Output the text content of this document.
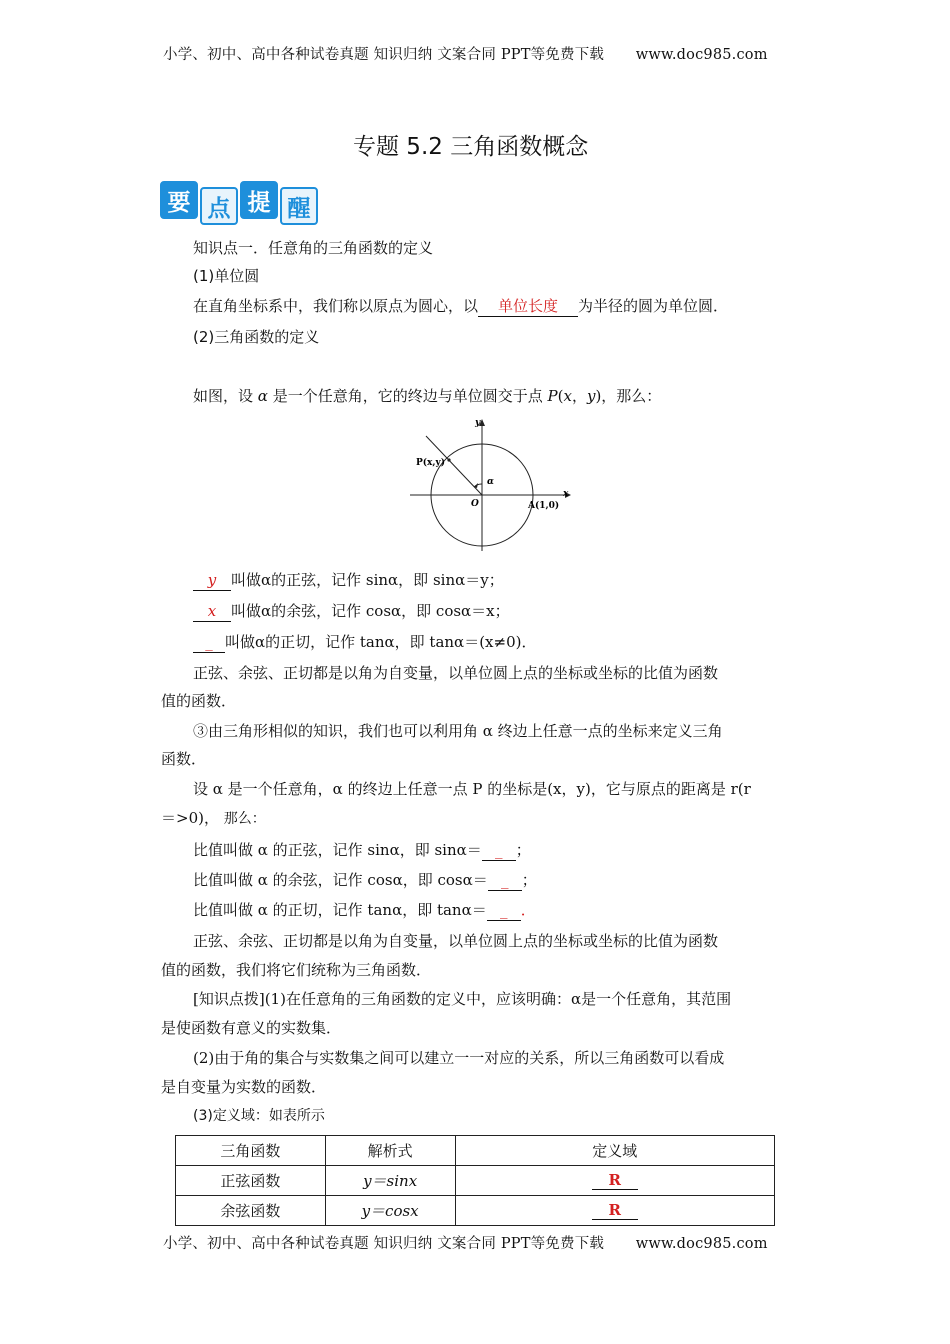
小学、初中、高中各种试卷真题 知识归纳 文案合同 PPT等免费下载 www.doc985.com
专题 5.2 三角函数概念
要 点 提 醒
知识点一．任意角的三角函数的定义
(1)单位圆
在直角坐标系中，我们称以原点为圆心，以 单位长度 为半径的圆为单位圆．
(2)三角函数的定义
如图，设 α 是一个任意角，它的终边与单位圆交于点 P(x，y)，那么：
y
x
P(x,y)
α
O	A(1,0)
y 叫做α的正弦，记作 sinα，即 sinα＝y；
x 叫做α的余弦，记作 cosα，即 cosα＝x；
_ 叫做α的正切，记作 tanα，即 tanα＝(x≠0)．
正弦、余弦、正切都是以角为自变量，以单位圆上点的坐标或坐标的比值为函数
值的函数．
③由三角形相似的知识，我们也可以利用角 α 终边上任意一点的坐标来定义三角
函数．
设 α 是一个任意角，α 的终边上任意一点 P 的坐标是(x，y)，它与原点的距离是 r(r
＝>0)， 那么：
比值叫做 α 的正弦，记作 sinα，即 sinα＝ _ ；
比值叫做 α 的余弦，记作 cosα，即 cosα＝ _ ；
比值叫做 α 的正切，记作 tanα，即 tanα＝ _ ．
正弦、余弦、正切都是以角为自变量，以单位圆上点的坐标或坐标的比值为函数
值的函数，我们将它们统称为三角函数．
[知识点拨](1)在任意角的三角函数的定义中，应该明确：α是一个任意角，其范围
是使函数有意义的实数集．
(2)由于角的集合与实数集之间可以建立一一对应的关系，所以三角函数可以看成
是自变量为实数的函数．
(3)定义域：如表所示
三角函数	解析式	定义域
正弦函数	y＝sinx	R
余弦函数	y＝cosx	R
小学、初中、高中各种试卷真题 知识归纳 文案合同 PPT等免费下载 www.doc985.com
